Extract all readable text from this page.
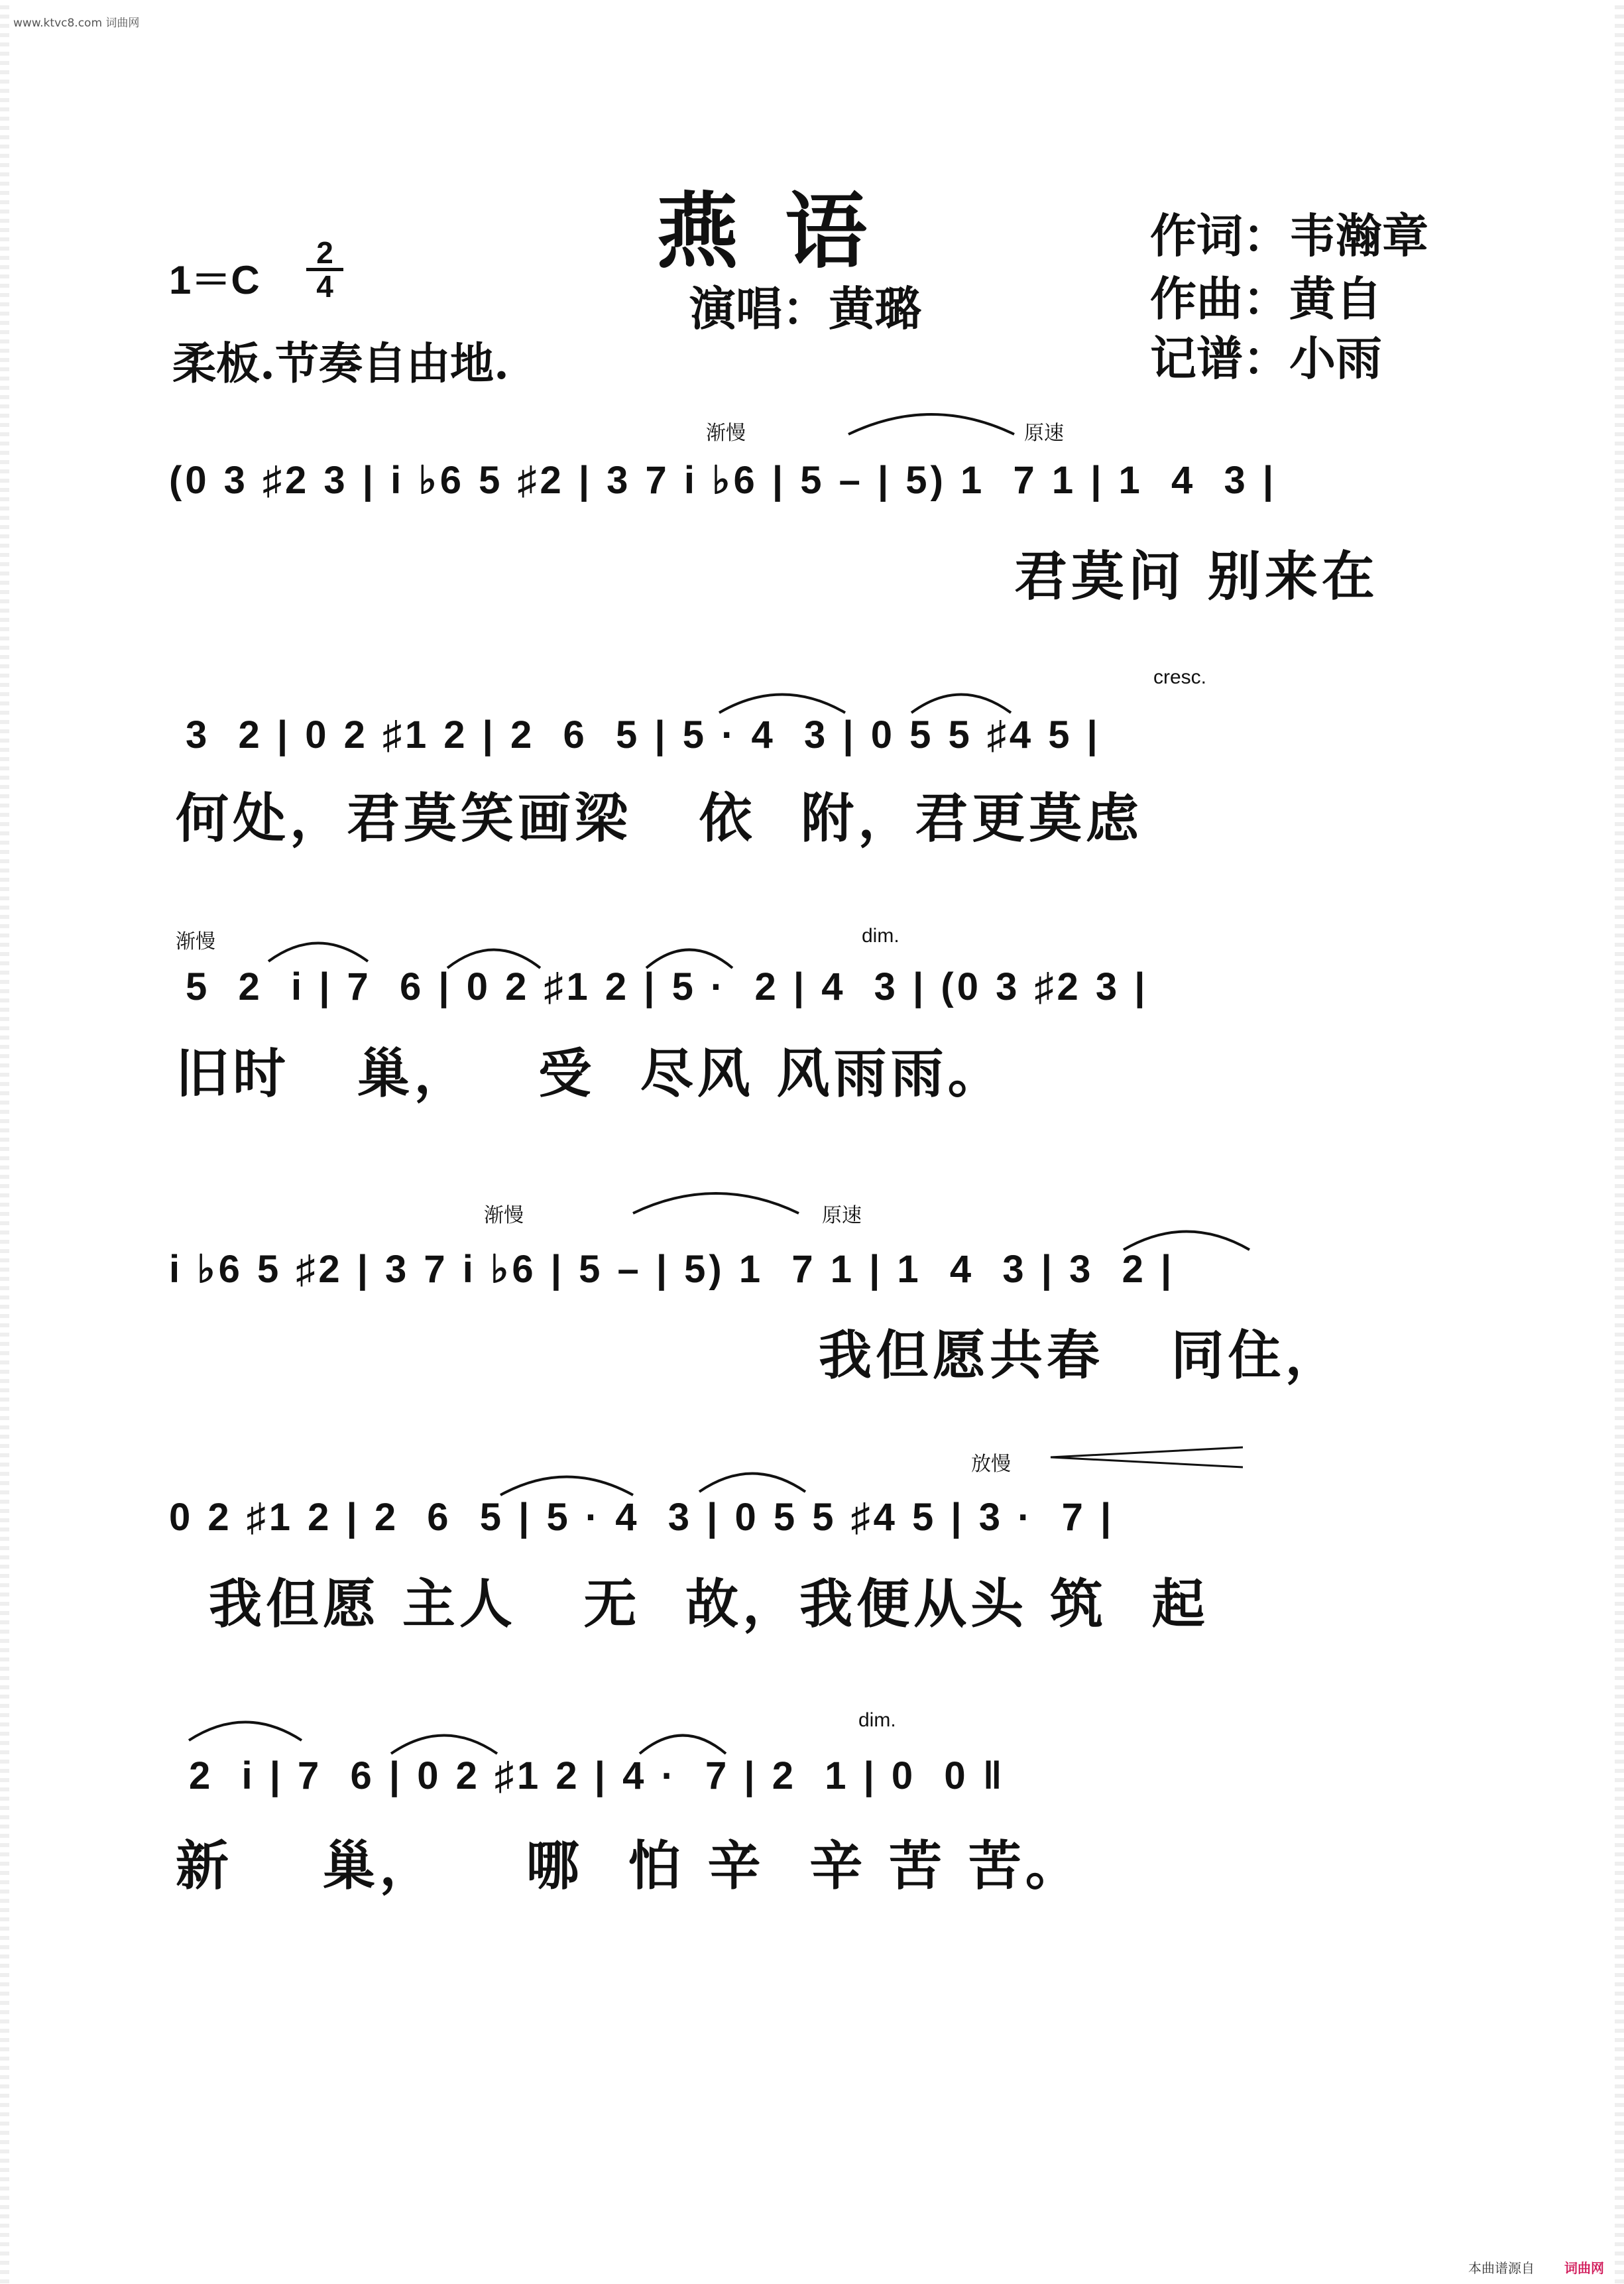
www.ktvc8.com 词曲网
燕语
演唱：黄璐
作词：韦瀚章
作曲：黄自
记谱：小雨
1＝C
2
4
柔板.节奏自由地.
渐慢	原速
(0 3 ♯2 3 | i ♭6 5 ♯2 | 3 7 i ♭6 | 5 – | 5) 1  7 1 | 1  4  3 |
君莫问 别来在
cresc.
3  2 | 0 2 ♯1 2 | 2  6  5 | 5 · 4  3 | 0 5 5 ♯4 5 |
何处，君莫笑画梁   依  附，君更莫虑
渐慢	dim.
5  2  i | 7  6 | 0 2 ♯1 2 | 5 ·  2 | 4  3 | (0 3 ♯2 3 |
旧时   巢，   受  尽风 风雨雨。
渐慢	原速
i ♭6 5 ♯2 | 3 7 i ♭6 | 5 – | 5) 1  7 1 | 1  4  3 | 3  2 |
我但愿共春   同住，
放慢
0 2 ♯1 2 | 2  6  5 | 5 · 4  3 | 0 5 5 ♯4 5 | 3 ·  7 |
我但愿 主人   无  故，我便从头 筑  起
dim.
2  i | 7  6 | 0 2 ♯1 2 | 4 ·  7 | 2  1 | 0  0 ‖
新    巢，    哪  怕 辛  辛 苦 苦。
本曲谱源自 词曲网
